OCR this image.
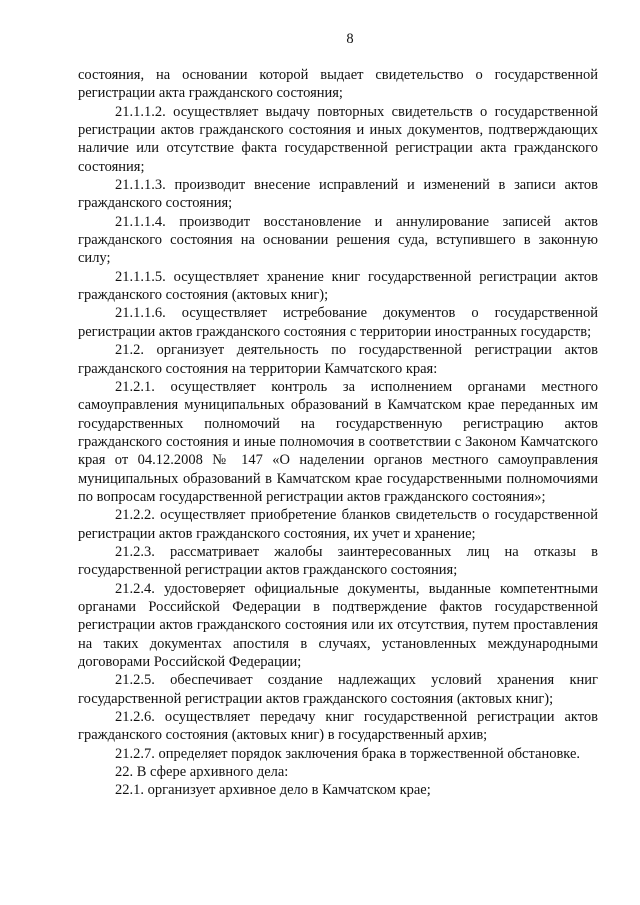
8

состояния, на основании которой выдает свидетельство о государственной регистрации акта гражданского состояния;

21.1.1.2. осуществляет выдачу повторных свидетельств о государственной регистрации актов гражданского состояния и иных документов, подтверждающих наличие или отсутствие факта государственной регистрации акта гражданского состояния;

21.1.1.3. производит внесение исправлений и изменений в записи актов гражданского состояния;

21.1.1.4. производит восстановление и аннулирование записей актов гражданского состояния на основании решения суда, вступившего в законную силу;

21.1.1.5. осуществляет хранение книг государственной регистрации актов гражданского состояния (актовых книг);

21.1.1.6. осуществляет истребование документов о государственной регистрации актов гражданского состояния с территории иностранных государств;

21.2. организует деятельность по государственной регистрации актов гражданского состояния на территории Камчатского края:

21.2.1. осуществляет контроль за исполнением органами местного самоуправления муниципальных образований в Камчатском крае переданных им государственных полномочий на государственную регистрацию актов гражданского состояния и иные полномочия в соответствии с Законом Камчатского края от 04.12.2008 № 147 «О наделении органов местного самоуправления муниципальных образований в Камчатском крае государственными полномочиями по вопросам государственной регистрации актов гражданского состояния»;

21.2.2. осуществляет приобретение бланков свидетельств о государственной регистрации актов гражданского состояния, их учет и хранение;

21.2.3. рассматривает жалобы заинтересованных лиц на отказы в государственной регистрации актов гражданского состояния;

21.2.4. удостоверяет официальные документы, выданные компетентными органами Российской Федерации в подтверждение фактов государственной регистрации актов гражданского состояния или их отсутствия, путем проставления на таких документах апостиля в случаях, установленных международными договорами Российской Федерации;

21.2.5. обеспечивает создание надлежащих условий хранения книг государственной регистрации актов гражданского состояния (актовых книг);

21.2.6. осуществляет передачу книг государственной регистрации актов гражданского состояния (актовых книг) в государственный архив;

21.2.7. определяет порядок заключения брака в торжественной обстановке.

22. В сфере архивного дела:

22.1. организует архивное дело в Камчатском крае;
